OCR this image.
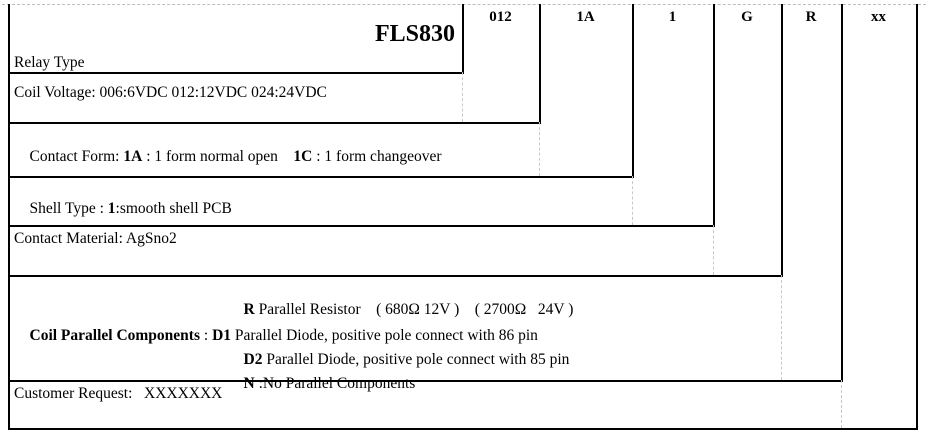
FLS830
012	1A	1	G	R	xx
Relay Type
Coil Voltage: 006:6VDC 012:12VDC 024:24VDC

Contact Form: 1A : 1 form normal open 1C : 1 form changeover

Shell Type : 1:smooth shell PCB

Contact Material: AgSno2

R Parallel Resistor  ( 680Ω 12V )  ( 2700Ω  24V )

Coil Parallel Components : D1 Parallel Diode, positive pole connect with 86 pin

D2 Parallel Diode, positive pole connect with 85 pin

N :No Parallel Components

Customer Request:  XXXXXXX
